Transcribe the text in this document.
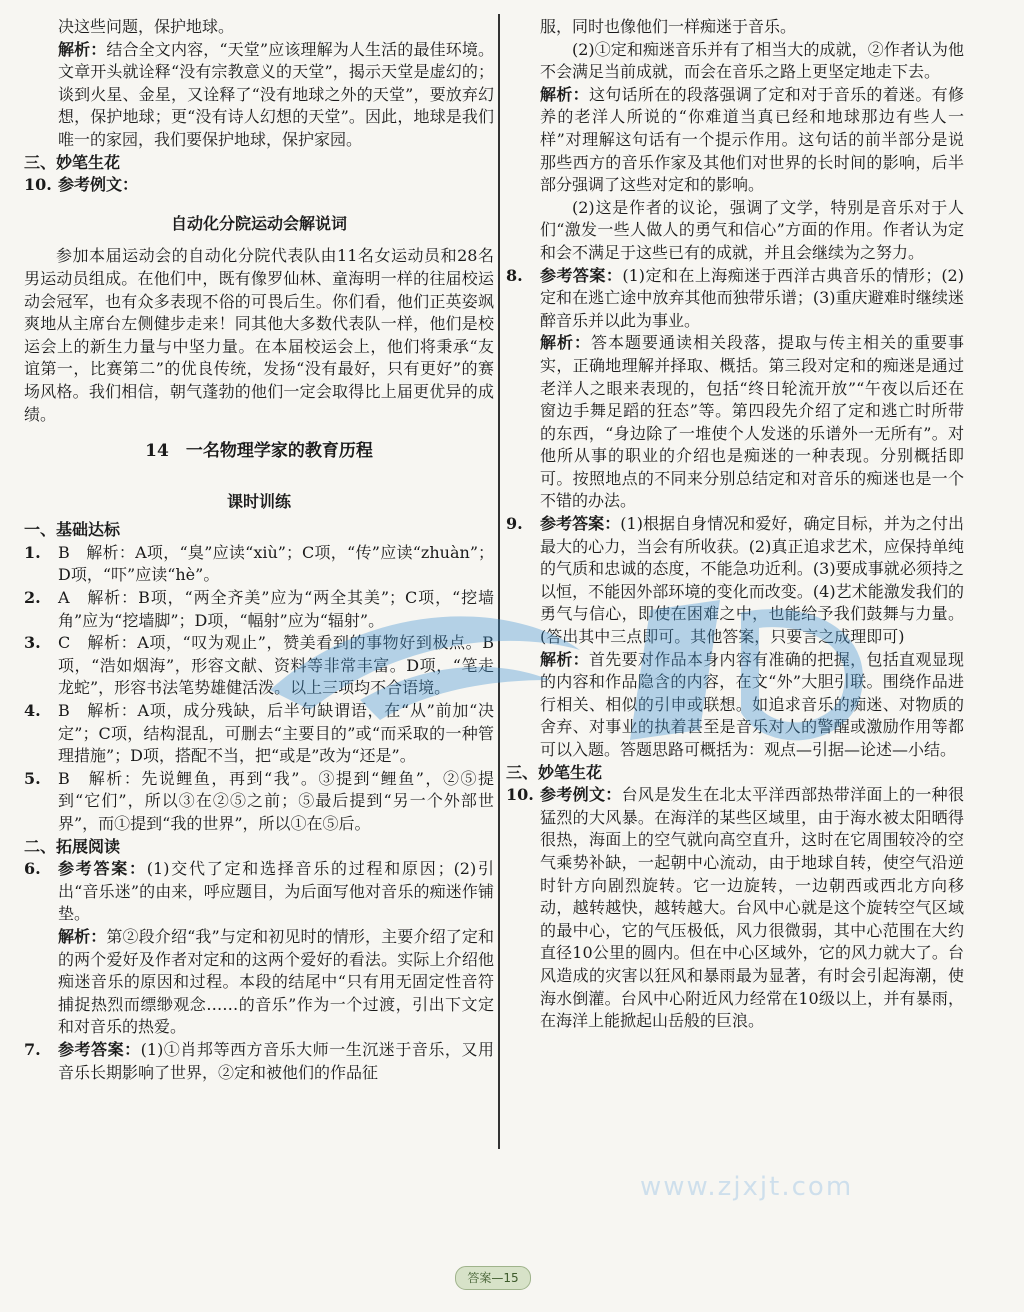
决这些问题，保护地球。

解析：结合全文内容，“天堂”应该理解为人生活的最佳环境。文章开头就诠释“没有宗教意义的天堂”，揭示天堂是虚幻的；谈到火星、金星，又诠释了“没有地球之外的天堂”，要放弃幻想，保护地球；更“没有诗人幻想的天堂”。因此，地球是我们唯一的家园，我们要保护地球，保护家园。

三、妙笔生花

10. 参考例文：

自动化分院运动会解说词

参加本届运动会的自动化分院代表队由11名女运动员和28名男运动员组成。在他们中，既有像罗仙林、童海明一样的往届校运动会冠军，也有众多表现不俗的可畏后生。你们看，他们正英姿飒爽地从主席台左侧健步走来！同其他大多数代表队一样，他们是校运会上的新生力量与中坚力量。在本届校运会上，他们将秉承“友谊第一，比赛第二”的优良传统，发扬“没有最好，只有更好”的赛场风格。我们相信，朝气蓬勃的他们一定会取得比上届更优异的成绩。

14　一名物理学家的教育历程

课时训练

一、基础达标

1.	B　解析：A项，“臭”应读“xiù”；C项，“传”应读“zhuàn”；D项，“吓”应读“hè”。
2.	A　解析：B项，“两全齐美”应为“两全其美”；C项，“挖墙角”应为“挖墙脚”；D项，“幅射”应为“辐射”。
3.	C　解析：A项，“叹为观止”，赞美看到的事物好到极点。B项，“浩如烟海”，形容文献、资料等非常丰富。D项，“笔走龙蛇”，形容书法笔势雄健活泼。以上三项均不合语境。
4.	B　解析：A项，成分残缺，后半句缺谓语，在“从”前加“决定”；C项，结构混乱，可删去“主要目的”或“而采取的一种管理措施”；D项，搭配不当，把“或是”改为“还是”。
5.	B　解析：先说鲤鱼，再到“我”。③提到“鲤鱼”，②⑤提到“它们”，所以③在②⑤之前；⑤最后提到“另一个外部世界”，而①提到“我的世界”，所以①在⑤后。

二、拓展阅读

6.	参考答案：(1)交代了定和选择音乐的过程和原因；(2)引出“音乐迷”的由来，呼应题目，为后面写他对音乐的痴迷作铺垫。

解析：第②段介绍“我”与定和初见时的情形，主要介绍了定和的两个爱好及作者对定和的这两个爱好的看法。实际上介绍他痴迷音乐的原因和过程。本段的结尾中“只有用无固定性音符捕捉热烈而缥缈观念……的音乐”作为一个过渡，引出下文定和对音乐的热爱。

7.	参考答案：(1)①肖邦等西方音乐大师一生沉迷于音乐，又用音乐长期影响了世界，②定和被他们的作品征

服，同时也像他们一样痴迷于音乐。

(2)①定和痴迷音乐并有了相当大的成就，②作者认为他不会满足当前成就，而会在音乐之路上更坚定地走下去。

解析：这句话所在的段落强调了定和对于音乐的着迷。有修养的老洋人所说的“你难道当真已经和地球那边有些人一样”对理解这句话有一个提示作用。这句话的前半部分是说那些西方的音乐作家及其他们对世界的长时间的影响，后半部分强调了这些对定和的影响。

(2)这是作者的议论，强调了文学，特别是音乐对于人们“激发一些人做人的勇气和信心”方面的作用。作者认为定和会不满足于这些已有的成就，并且会继续为之努力。

8.	参考答案：(1)定和在上海痴迷于西洋古典音乐的情形；(2)定和在逃亡途中放弃其他而独带乐谱；(3)重庆避难时继续迷醉音乐并以此为事业。

解析：答本题要通读相关段落，提取与传主相关的重要事实，正确地理解并择取、概括。第三段对定和的痴迷是通过老洋人之眼来表现的，包括“终日轮流开放”“午夜以后还在窗边手舞足蹈的狂态”等。第四段先介绍了定和逃亡时所带的东西，“身边除了一堆使个人发迷的乐谱外一无所有”。对他所从事的职业的介绍也是痴迷的一种表现。分别概括即可。按照地点的不同来分别总结定和对音乐的痴迷也是一个不错的办法。

9.	参考答案：(1)根据自身情况和爱好，确定目标，并为之付出最大的心力，当会有所收获。(2)真正追求艺术，应保持单纯的气质和忠诚的态度，不能急功近利。(3)要成事就必须持之以恒，不能因外部环境的变化而改变。(4)艺术能激发我们的勇气与信心，即使在困难之中，也能给予我们鼓舞与力量。(答出其中三点即可。其他答案，只要言之成理即可)

解析：首先要对作品本身内容有准确的把握，包括直观显现的内容和作品隐含的内容，在文“外”大胆引联。围绕作品进行相关、相似的引申或联想。如追求音乐的痴迷、对物质的舍弃、对事业的执着甚至是音乐对人的警醒或激励作用等都可以入题。答题思路可概括为：观点—引据—论述—小结。

三、妙笔生花

10. 参考例文：台风是发生在北太平洋西部热带洋面上的一种很猛烈的大风暴。在海洋的某些区域里，由于海水被太阳晒得很热，海面上的空气就向高空直升，这时在它周围较冷的空气乘势补缺，一起朝中心流动，由于地球自转，使空气沿逆时针方向剧烈旋转。它一边旋转，一边朝西或西北方向移动，越转越快，越转越大。台风中心就是这个旋转空气区域的最中心，它的气压极低，风力很微弱，其中心范围在大约直径10公里的圆内。但在中心区域外，它的风力就大了。台风造成的灾害以狂风和暴雨最为显著，有时会引起海潮，使海水倒灌。台风中心附近风力经常在10级以上，并有暴雨，在海洋上能掀起山岳般的巨浪。
www.zjxjt.com
答案—15
